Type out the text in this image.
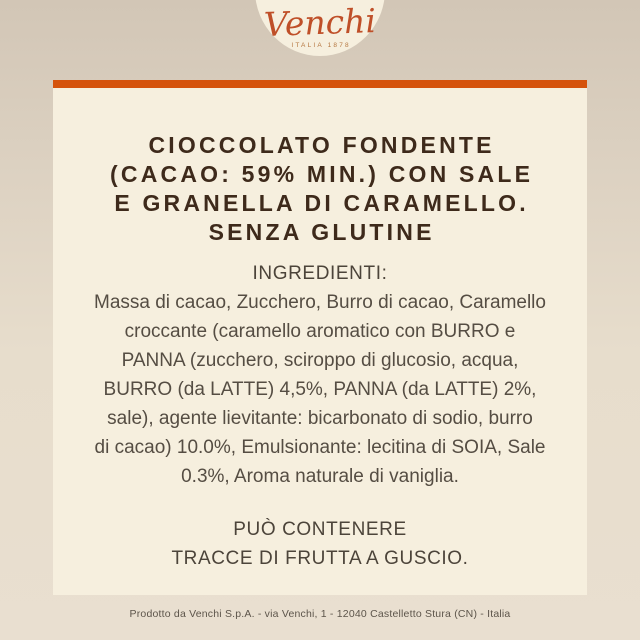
Venchi
ITALIA 1878
CIOCCOLATO FONDENTE
(CACAO: 59% MIN.) CON SALE
E GRANELLA DI CARAMELLO.
SENZA GLUTINE
INGREDIENTI:
Massa di cacao, Zucchero, Burro di cacao, Caramello
croccante (caramello aromatico con BURRO e
PANNA (zucchero, sciroppo di glucosio, acqua,
BURRO (da LATTE) 4,5%, PANNA (da LATTE) 2%,
sale), agente lievitante: bicarbonato di sodio, burro
di cacao) 10.0%, Emulsionante: lecitina di SOIA, Sale
0.3%, Aroma naturale di vaniglia.
PUÒ CONTENERE
TRACCE DI FRUTTA A GUSCIO.
Prodotto da Venchi S.p.A. - via Venchi, 1 - 12040 Castelletto Stura (CN) - Italia
